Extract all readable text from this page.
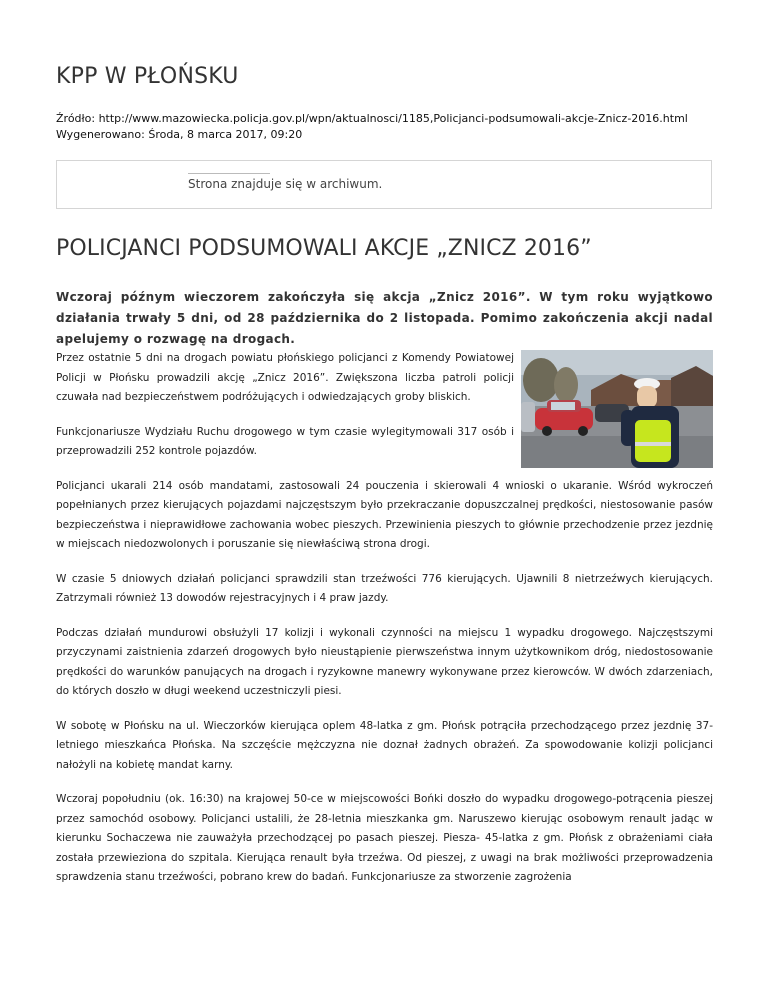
KPP W PŁOŃSKU
Źródło: http://www.mazowiecka.policja.gov.pl/wpn/aktualnosci/1185,Policjanci-podsumowali-akcje-Znicz-2016.html
Wygenerowano: Środa, 8 marca 2017, 09:20
Strona znajduje się w archiwum.
POLICJANCI PODSUMOWALI AKCJE „ZNICZ 2016”

Wczoraj późnym wieczorem zakończyła się akcja „Znicz 2016”. W tym roku wyjątkowo działania trwały 5 dni, od 28 października do 2 listopada. Pomimo zakończenia akcji nadal apelujemy o rozwagę na drogach.

Przez ostatnie 5 dni na drogach powiatu płońskiego policjanci z Komendy Powiatowej Policji w Płońsku prowadzili akcję „Znicz 2016”. Zwiększona liczba patroli policji czuwała nad bezpieczeństwem podróżujących i odwiedzających groby bliskich.

Funkcjonariusze Wydziału Ruchu drogowego w tym czasie wylegitymowali 317 osób i przeprowadzili 252 kontrole pojazdów.

Policjanci ukarali 214 osób mandatami, zastosowali 24 pouczenia i skierowali 4 wnioski o ukaranie. Wśród wykroczeń popełnianych przez kierujących pojazdami najczęstszym było przekraczanie dopuszczalnej prędkości, niestosowanie pasów bezpieczeństwa i nieprawidłowe zachowania wobec pieszych. Przewinienia pieszych to głównie przechodzenie przez jezdnię w miejscach niedozwolonych i poruszanie się niewłaściwą strona drogi.

W czasie 5 dniowych działań policjanci sprawdzili stan trzeźwości 776 kierujących. Ujawnili 8 nietrzeźwych kierujących. Zatrzymali również 13 dowodów rejestracyjnych i 4 praw jazdy.

Podczas działań mundurowi obsłużyli 17 kolizji i wykonali czynności na miejscu 1 wypadku drogowego. Najczęstszymi przyczynami zaistnienia zdarzeń drogowych było nieustąpienie pierwszeństwa innym użytkownikom dróg, niedostosowanie prędkości do warunków panujących na drogach i ryzykowne manewry wykonywane przez kierowców. W dwóch zdarzeniach, do których doszło w długi weekend uczestniczyli piesi.

W sobotę w Płońsku na ul. Wieczorków kierująca oplem 48-latka z gm. Płońsk potrąciła przechodzącego przez jezdnię 37-letniego mieszkańca Płońska. Na szczęście mężczyzna nie doznał żadnych obrażeń. Za spowodowanie kolizji policjanci nałożyli na kobietę mandat karny.

Wczoraj popołudniu (ok. 16:30) na krajowej 50-ce w miejscowości Bońki doszło do wypadku drogowego-potrącenia pieszej przez samochód osobowy. Policjanci ustalili, że 28-letnia mieszkanka gm. Naruszewo kierując osobowym renault jadąc w kierunku Sochaczewa nie zauważyła przechodzącej po pasach pieszej. Piesza- 45-latka z gm. Płońsk z obrażeniami ciała została przewieziona do szpitala. Kierująca renault była trzeźwa. Od pieszej, z uwagi na brak możliwości przeprowadzenia sprawdzenia stanu trzeźwości, pobrano krew do badań. Funkcjonariusze za stworzenie zagrożenia
